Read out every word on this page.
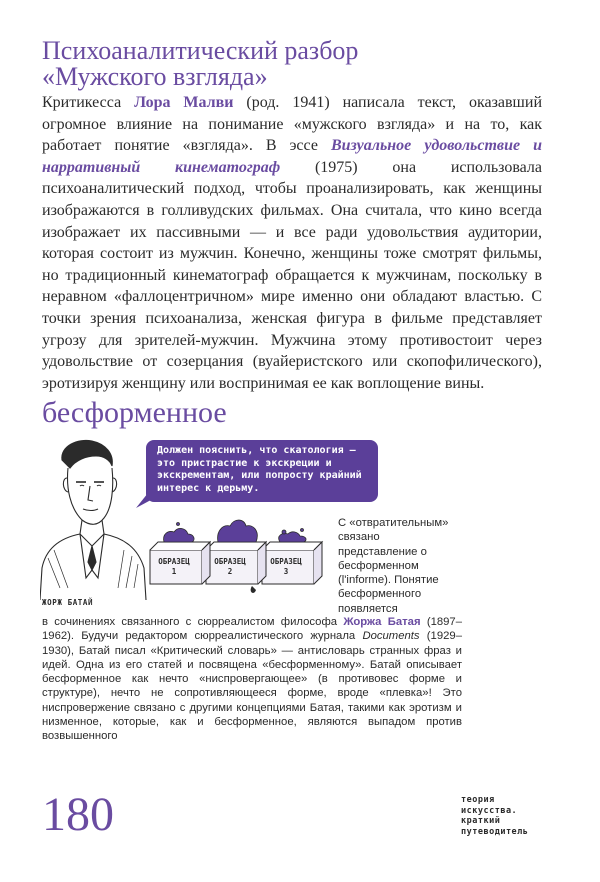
Психоаналитический разбор
«Мужского взгляда»

Критикесса Лора Малви (род. 1941) написала текст, оказавший огромное влияние на понимание «мужского взгляда» и на то, как работает понятие «взгляда». В эссе Визуальное удовольствие и нарративный кинематограф (1975) она использовала психоаналитический подход, чтобы проанализировать, как женщины изображаются в голливудских фильмах. Она считала, что кино всегда изображает их пассивными — и все ради удовольствия аудитории, которая состоит из мужчин. Конечно, женщины тоже смотрят фильмы, но традиционный кинематограф обращается к мужчинам, поскольку в неравном «фаллоцентричном» мире именно они обладают властью. С точки зрения психоанализа, женская фигура в фильме представляет угрозу для зрителей-мужчин. Мужчина этому противостоит через удовольствие от созерцания (вуайеристского или скопофилического), эротизируя женщину или воспринимая ее как воплощение вины.

бесформенное

Должен пояснить, что скатология — это пристрастие к экскреции и экскрементам, или попросту крайний интерес к дерьму.

ОБРАЗЕЦ
1
ОБРАЗЕЦ
2
ОБРАЗЕЦ
3
ЖОРЖ БАТАЙ

С «отвратительным» связано представление о бесформенном (l'informe). Понятие бесформенного появляется

в сочинениях связанного с сюрреалистом философа Жоржа Батая (1897–1962). Будучи редактором сюрреалистического журнала Documents (1929–1930), Батай писал «Критический словарь» — антисловарь странных фраз и идей. Одна из его статей и посвящена «бесформенному». Батай описывает бесформенное как нечто «ниспровергающее» (в противовес форме и структуре), нечто не сопротивляющееся форме, вроде «плевка»! Это ниспровержение связано с другими концепциями Батая, такими как эротизм и низменное, которые, как и бесформенное, являются выпадом против возвышенного

180	теория
искусства.
краткий
путеводитель
